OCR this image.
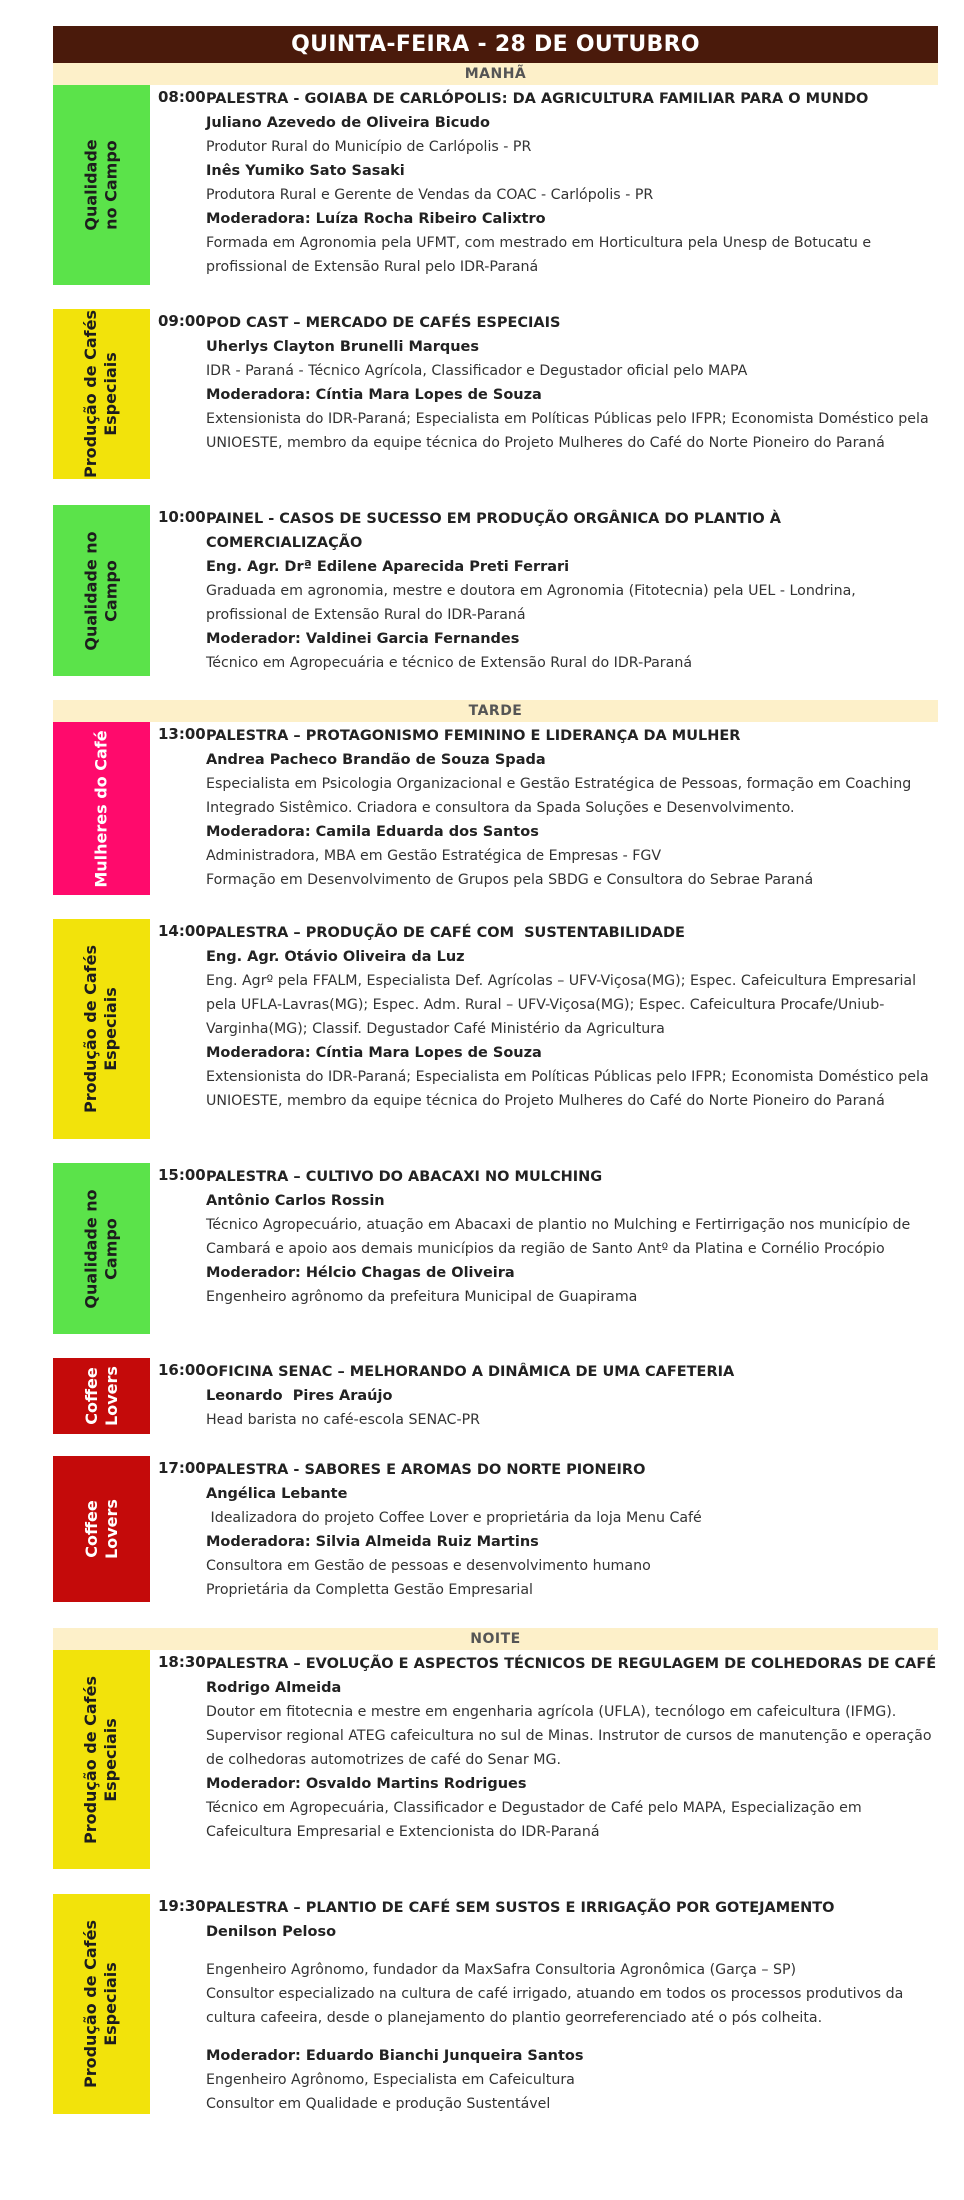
QUINTA-FEIRA - 28 DE OUTUBRO
MANHÃ
Qualidade
no Campo
08:00 PALESTRA - GOIABA DE CARLÓPOLIS: DA AGRICULTURA FAMILIAR PARA O MUNDO
Juliano Azevedo de Oliveira Bicudo
Produtor Rural do Município de Carlópolis - PR
Inês Yumiko Sato Sasaki
Produtora Rural e Gerente de Vendas da COAC - Carlópolis - PR
Moderadora: Luíza Rocha Ribeiro Calixtro
Formada em Agronomia pela UFMT, com mestrado em Horticultura pela Unesp de Botucatu e profissional de Extensão Rural pelo IDR-Paraná
Produção de Cafés
Especiais
09:00 POD CAST – MERCADO DE CAFÉS ESPECIAIS
Uherlys Clayton Brunelli Marques
IDR - Paraná - Técnico Agrícola, Classificador e Degustador oficial pelo MAPA
Moderadora: Cíntia Mara Lopes de Souza
Extensionista do IDR-Paraná; Especialista em Políticas Públicas pelo IFPR; Economista Doméstico pela UNIOESTE, membro da equipe técnica do Projeto Mulheres do Café do Norte Pioneiro do Paraná
Qualidade no
Campo
10:00 PAINEL - CASOS DE SUCESSO EM PRODUÇÃO ORGÂNICA DO PLANTIO À COMERCIALIZAÇÃO
Eng. Agr. Drª Edilene Aparecida Preti Ferrari
Graduada em agronomia, mestre e doutora em Agronomia (Fitotecnia) pela UEL - Londrina, profissional de Extensão Rural do IDR-Paraná
Moderador: Valdinei Garcia Fernandes
Técnico em Agropecuária e técnico de Extensão Rural do IDR-Paraná
TARDE
Mulheres do Café	13:00 PALESTRA – PROTAGONISMO FEMININO E LIDERANÇA DA MULHER
Andrea Pacheco Brandão de Souza Spada
Especialista em Psicologia Organizacional e Gestão Estratégica de Pessoas, formação em Coaching Integrado Sistêmico. Criadora e consultora da Spada Soluções e Desenvolvimento.
Moderadora: Camila Eduarda dos Santos
Administradora, MBA em Gestão Estratégica de Empresas - FGV
Formação em Desenvolvimento de Grupos pela SBDG e Consultora do Sebrae Paraná
Produção de Cafés
Especiais
14:00 PALESTRA – PRODUÇÃO DE CAFÉ COM  SUSTENTABILIDADE
Eng. Agr. Otávio Oliveira da Luz
Eng. Agrº pela FFALM, Especialista Def. Agrícolas – UFV-Viçosa(MG); Espec. Cafeicultura Empresarial pela UFLA-Lavras(MG); Espec. Adm. Rural – UFV-Viçosa(MG); Espec. Cafeicultura Procafe/Uniub-Varginha(MG); Classif. Degustador Café Ministério da Agricultura
Moderadora: Cíntia Mara Lopes de Souza
Extensionista do IDR-Paraná; Especialista em Políticas Públicas pelo IFPR; Economista Doméstico pela UNIOESTE, membro da equipe técnica do Projeto Mulheres do Café do Norte Pioneiro do Paraná
Qualidade no
Campo
15:00 PALESTRA – CULTIVO DO ABACAXI NO MULCHING
Antônio Carlos Rossin
Técnico Agropecuário, atuação em Abacaxi de plantio no Mulching e Fertirrigação nos município de Cambará e apoio aos demais municípios da região de Santo Antº da Platina e Cornélio Procópio
Moderador: Hélcio Chagas de Oliveira
Engenheiro agrônomo da prefeitura Municipal de Guapirama
Coffee
Lovers	16:00 OFICINA SENAC – MELHORANDO A DINÂMICA DE UMA CAFETERIA
Leonardo  Pires Araújo
Head barista no café-escola SENAC-PR
Coffee
Lovers
17:00 PALESTRA - SABORES E AROMAS DO NORTE PIONEIRO
Angélica Lebante
Idealizadora do projeto Coffee Lover e proprietária da loja Menu Café
Moderadora: Silvia Almeida Ruiz Martins
Consultora em Gestão de pessoas e desenvolvimento humano
Proprietária da Completta Gestão Empresarial
NOITE
Produção de Cafés
Especiais
18:30 PALESTRA – EVOLUÇÃO E ASPECTOS TÉCNICOS DE REGULAGEM DE COLHEDORAS DE CAFÉ
Rodrigo Almeida
Doutor em fitotecnia e mestre em engenharia agrícola (UFLA), tecnólogo em cafeicultura (IFMG). Supervisor regional ATEG cafeicultura no sul de Minas. Instrutor de cursos de manutenção e operação de colhedoras automotrizes de café do Senar MG.
Moderador: Osvaldo Martins Rodrigues
Técnico em Agropecuária, Classificador e Degustador de Café pelo MAPA, Especialização em Cafeicultura Empresarial e Extencionista do IDR-Paraná
Produção de Cafés
Especiais
19:30 PALESTRA – PLANTIO DE CAFÉ SEM SUSTOS E IRRIGAÇÃO POR GOTEJAMENTO
Denilson Peloso
Engenheiro Agrônomo, fundador da MaxSafra Consultoria Agronômica (Garça – SP)
Consultor especializado na cultura de café irrigado, atuando em todos os processos produtivos da cultura cafeeira, desde o planejamento do plantio georreferenciado até o pós colheita.
Moderador: Eduardo Bianchi Junqueira Santos
Engenheiro Agrônomo, Especialista em Cafeicultura
Consultor em Qualidade e produção Sustentável
